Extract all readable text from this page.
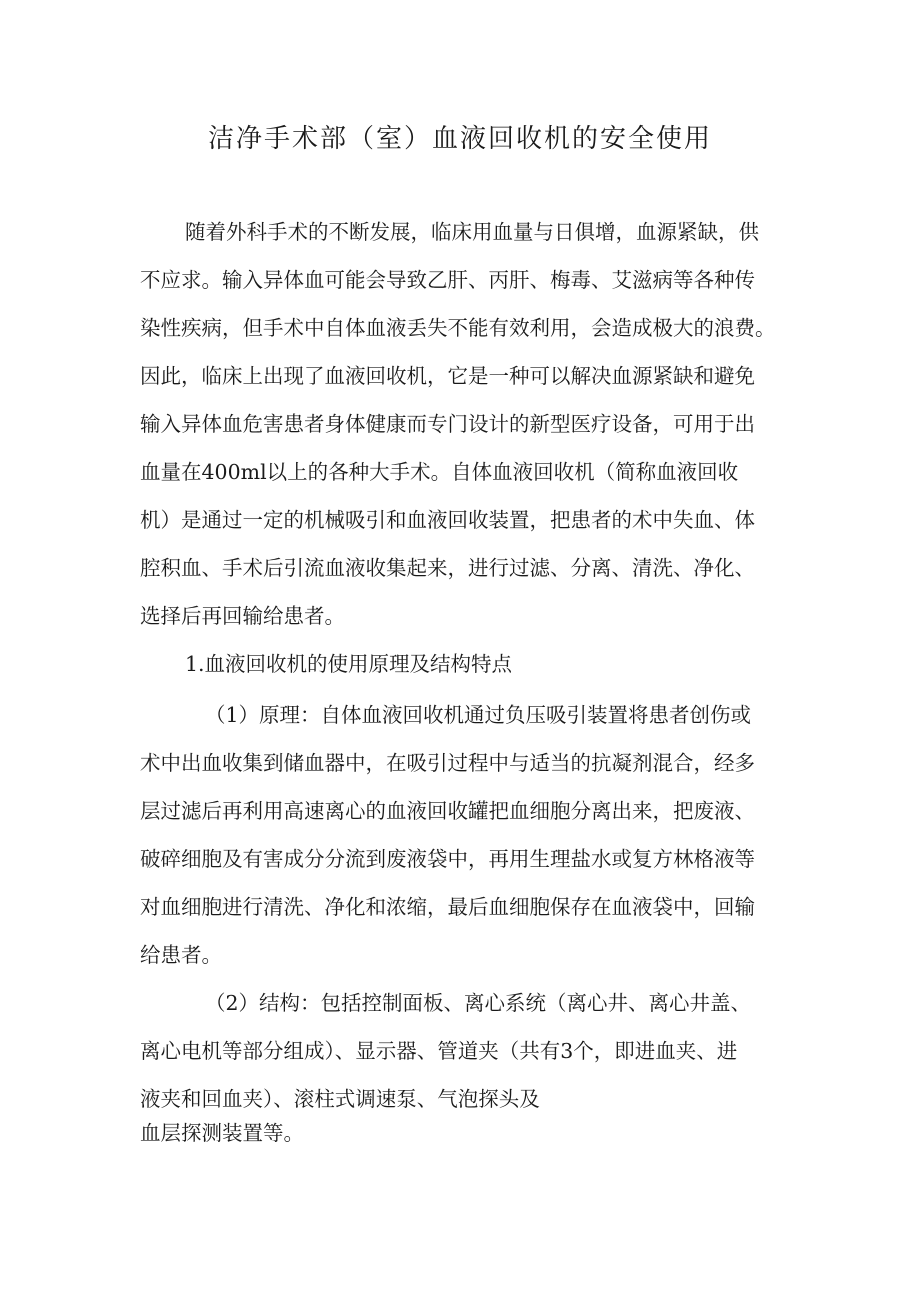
洁净手术部（室）血液回收机的安全使用

随着外科手术的不断发展，临床用血量与日俱增，血源紧缺，供

不应求。输入异体血可能会导致乙肝、丙肝、梅毒、艾滋病等各种传

染性疾病，但手术中自体血液丢失不能有效利用，会造成极大的浪费。

因此，临床上出现了血液回收机，它是一种可以解决血源紧缺和避免

输入异体血危害患者身体健康而专门设计的新型医疗设备，可用于出

血量在400ml以上的各种大手术。自体血液回收机（简称血液回收

机）是通过一定的机械吸引和血液回收装置，把患者的术中失血、体

腔积血、手术后引流血液收集起来，进行过滤、分离、清洗、净化、

选择后再回输给患者。

1.血液回收机的使用原理及结构特点

（1）原理：自体血液回收机通过负压吸引装置将患者创伤或

术中出血收集到储血器中，在吸引过程中与适当的抗凝剂混合，经多

层过滤后再利用高速离心的血液回收罐把血细胞分离出来，把废液、

破碎细胞及有害成分分流到废液袋中，再用生理盐水或复方林格液等

对血细胞进行清洗、净化和浓缩，最后血细胞保存在血液袋中，回输

给患者。

（2）结构：包括控制面板、离心系统（离心井、离心井盖、

离心电机等部分组成）、显示器、管道夹（共有3个，即进血夹、进

液夹和回血夹）、滚柱式调速泵、气泡探头及

血层探测装置等。
